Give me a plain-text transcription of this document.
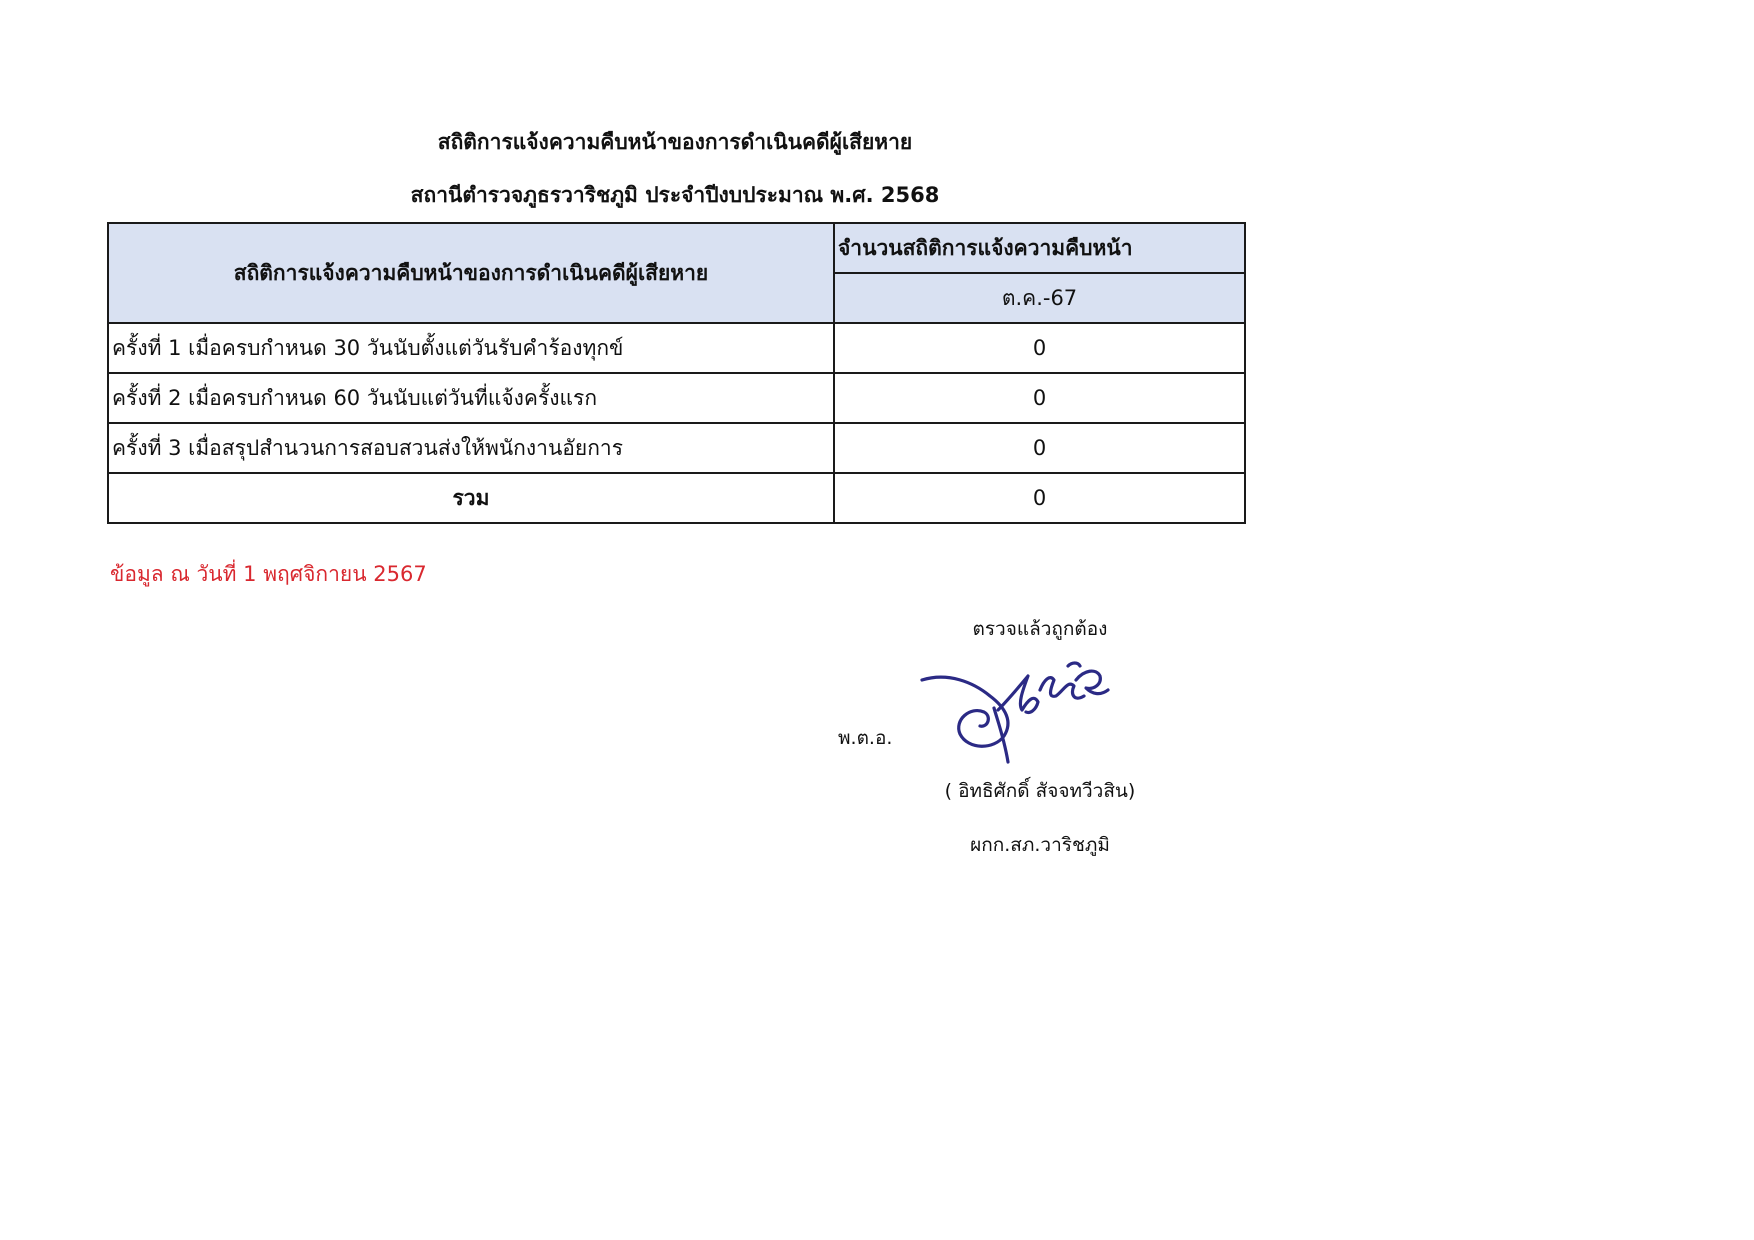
สถิติการแจ้งความคืบหน้าของการดำเนินคดีผู้เสียหาย
สถานีตำรวจภูธรวาริชภูมิ ประจำปีงบประมาณ พ.ศ. 2568
สถิติการแจ้งความคืบหน้าของการดำเนินคดีผู้เสียหาย	จำนวนสถิติการแจ้งความคืบหน้า
	ต.ค.-67
ครั้งที่ 1 เมื่อครบกำหนด 30 วันนับตั้งแต่วันรับคำร้องทุกข์	0
ครั้งที่ 2 เมื่อครบกำหนด 60 วันนับแต่วันที่แจ้งครั้งแรก	0
ครั้งที่ 3 เมื่อสรุปสำนวนการสอบสวนส่งให้พนักงานอัยการ	0
รวม	0
ข้อมูล ณ วันที่ 1 พฤศจิกายน 2567
ตรวจแล้วถูกต้อง
พ.ต.อ.
( อิทธิศักดิ์ สัจจทวีวสิน)
ผกก.สภ.วาริชภูมิ
